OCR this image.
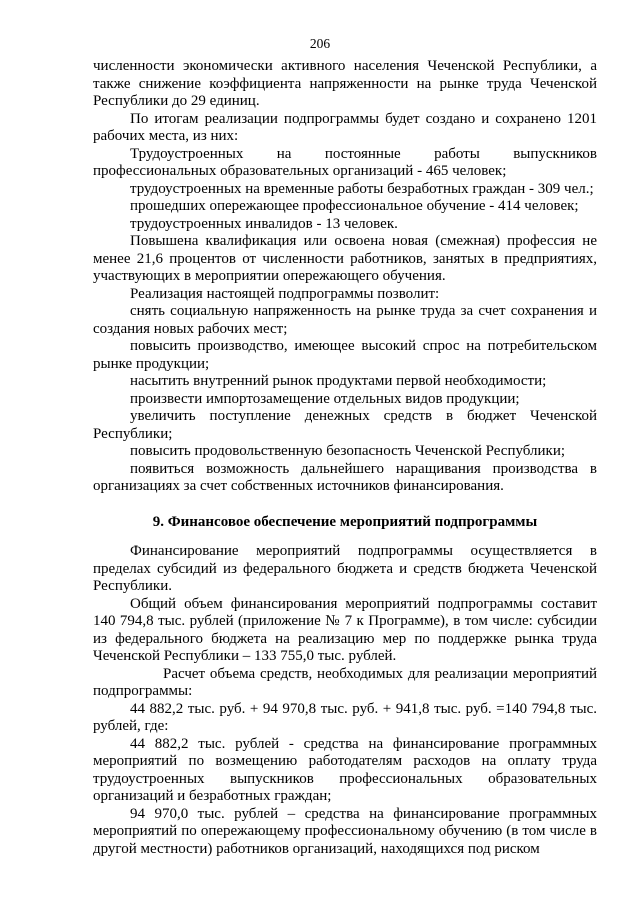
206

численности экономически активного населения Чеченской Республики, а также снижение коэффициента напряженности на рынке труда Чеченской Республики до 29 единиц.

По итогам реализации подпрограммы будет создано и сохранено 1201 рабочих места, из них:

Трудоустроенных на постоянные работы выпускников профессиональных образовательных организаций - 465 человек;

трудоустроенных на временные работы безработных граждан - 309 чел.;

прошедших опережающее профессиональное обучение - 414 человек;

трудоустроенных инвалидов - 13 человек.

Повышена квалификация или освоена новая (смежная) профессия не менее 21,6 процентов от численности работников, занятых в предприятиях, участвующих в мероприятии опережающего обучения.

Реализация настоящей подпрограммы позволит:

снять социальную напряженность на рынке труда за счет сохранения и создания новых рабочих мест;

повысить производство, имеющее высокий спрос на потребительском рынке продукции;

насытить внутренний рынок продуктами первой необходимости;

произвести импортозамещение отдельных видов продукции;

увеличить поступление денежных средств в бюджет Чеченской Республики;

повысить продовольственную безопасность Чеченской Республики;

появиться возможность дальнейшего наращивания производства в организациях за счет собственных источников финансирования.

9. Финансовое обеспечение мероприятий подпрограммы

Финансирование мероприятий подпрограммы осуществляется в пределах субсидий из федерального бюджета и средств бюджета Чеченской Республики.

Общий объем финансирования мероприятий подпрограммы составит 140 794,8 тыс. рублей (приложение № 7 к Программе), в том числе: субсидии из федерального бюджета на реализацию мер по поддержке рынка труда Чеченской Республики – 133 755,0 тыс. рублей.

Расчет объема средств, необходимых для реализации мероприятий подпрограммы:

44 882,2 тыс. руб. + 94 970,8 тыс. руб. + 941,8 тыс. руб. =140 794,8 тыс. рублей, где:

44 882,2 тыс. рублей - средства на финансирование программных мероприятий по возмещению работодателям расходов на оплату труда трудоустроенных выпускников профессиональных образовательных организаций и безработных граждан;

94 970,0 тыс. рублей – средства на финансирование программных мероприятий по опережающему профессиональному обучению (в том числе в другой местности) работников организаций, находящихся под риском
